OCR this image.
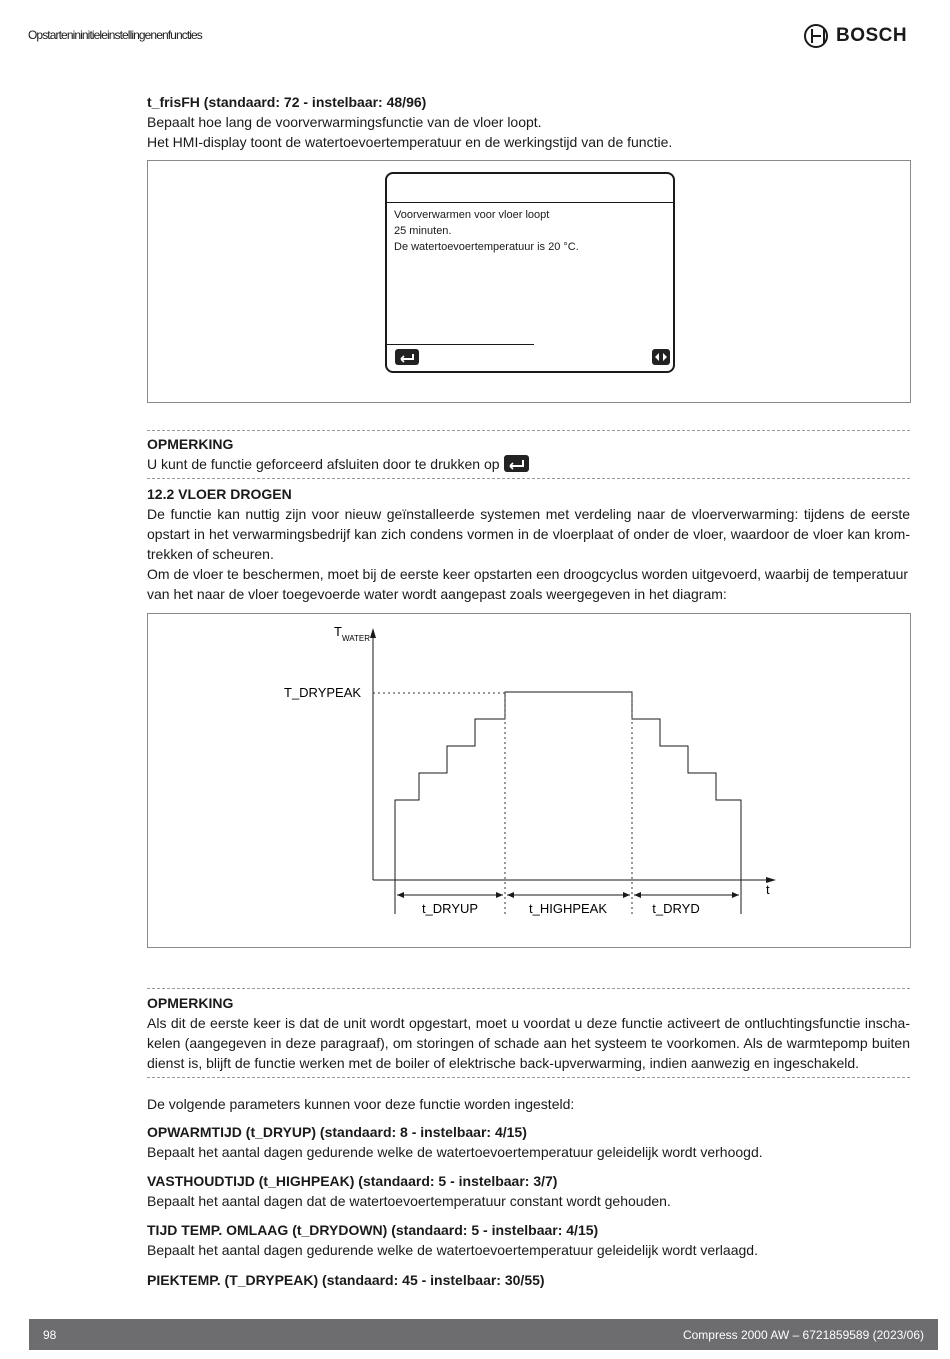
Opstartenininitieleinstellingenenfuncties	BOSCH

t_frisFH (standaard: 72 - instelbaar: 48/96)

Bepaalt hoe lang de voorverwarmingsfunctie van de vloer loopt.

Het HMI-display toont de watertoevoertemperatuur en de werkingstijd van de functie.

Voorverwarmen voor vloer loopt
25 minuten.
De watertoevoertemperatuur is 20 °C.

OPMERKING

U kunt de functie geforceerd afsluiten door te drukken op

12.2 VLOER DROGEN

De functie kan nuttig zijn voor nieuw geïnstalleerde systemen met verdeling naar de vloerverwarming: tijdens de eerste opstart in het verwarmingsbedrijf kan zich condens vormen in de vloerplaat of onder de vloer, waardoor de vloer kan krom-trekken of scheuren.

Om de vloer te beschermen, moet bij de eerste keer opstarten een droogcyclus worden uitgevoerd, waarbij de temperatuur van het naar de vloer toegevoerde water wordt aangepast zoals weergegeven in het diagram:

T WATER
t
T_DRYPEAK
t_DRYUP	t_HIGHPEAK	t_DRYD

OPMERKING

Als dit de eerste keer is dat de unit wordt opgestart, moet u voordat u deze functie activeert de ontluchtingsfunctie inscha-kelen (aangegeven in deze paragraaf), om storingen of schade aan het systeem te voorkomen. Als de warmtepomp buiten dienst is, blijft de functie werken met de boiler of elektrische back-upverwarming, indien aanwezig en ingeschakeld.

De volgende parameters kunnen voor deze functie worden ingesteld:

OPWARMTIJD (t_DRYUP) (standaard: 8 - instelbaar: 4/15)

Bepaalt het aantal dagen gedurende welke de watertoevoertemperatuur geleidelijk wordt verhoogd.

VASTHOUDTIJD (t_HIGHPEAK) (standaard: 5 - instelbaar: 3/7)

Bepaalt het aantal dagen dat de watertoevoertemperatuur constant wordt gehouden.

TIJD TEMP. OMLAAG (t_DRYDOWN) (standaard: 5 - instelbaar: 4/15)

Bepaalt het aantal dagen gedurende welke de watertoevoertemperatuur geleidelijk wordt verlaagd.

PIEKTEMP. (T_DRYPEAK) (standaard: 45 - instelbaar: 30/55)

98	Compress 2000 AW – 6721859589 (2023/06)
